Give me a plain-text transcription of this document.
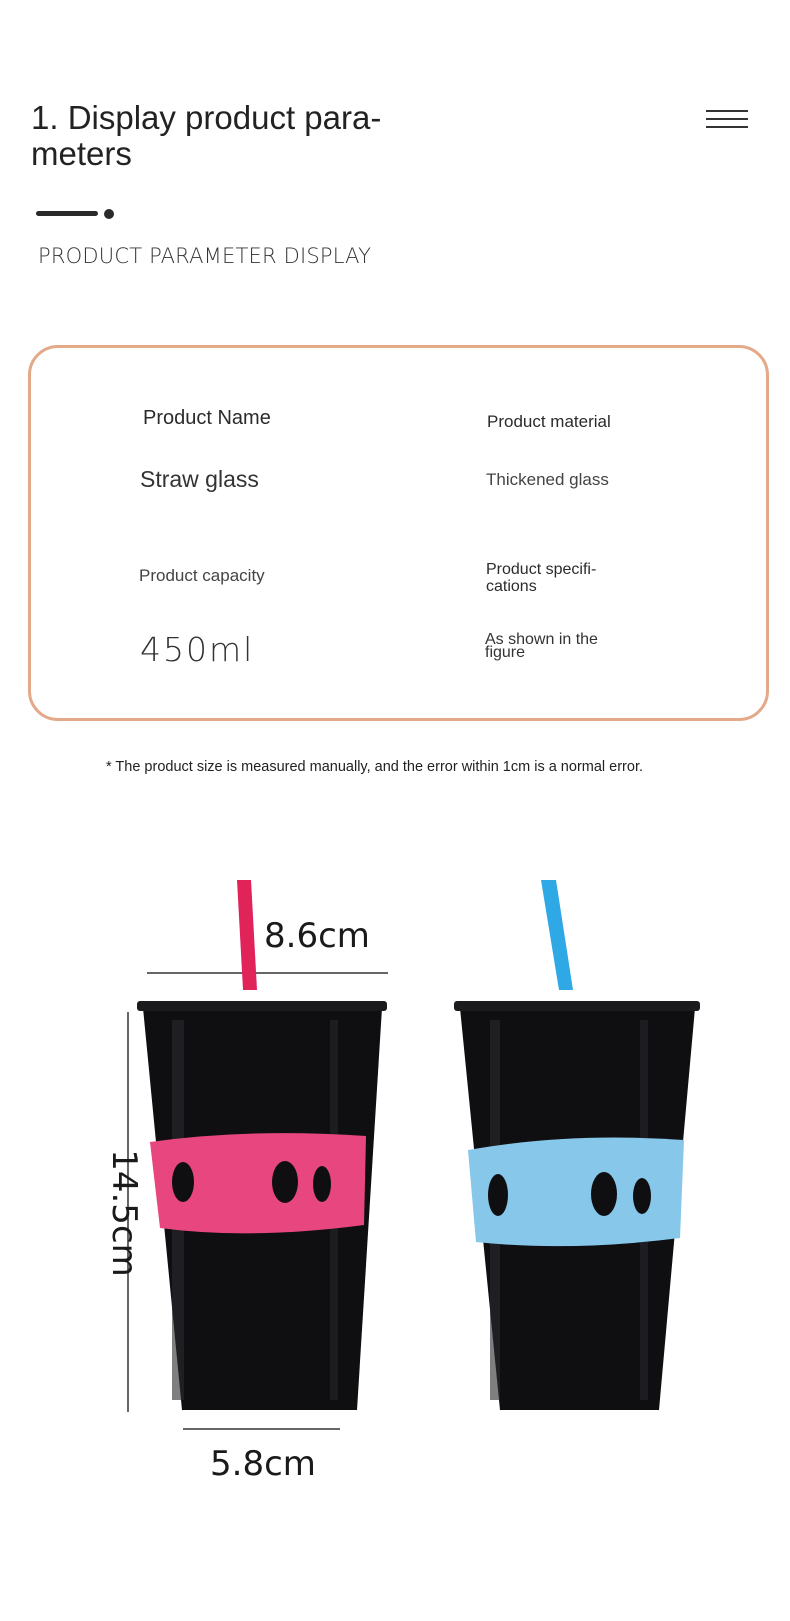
1. Display product para-meters
PRODUCT PARAMETER DISPLAY
Product Name	Product material
Straw glass	Thickened glass
Product capacity	Product specifi-cations
450ml	As shown in the figure
* The product size is measured manually, and the error within 1cm is a normal error.
8.6cm
14.5cm
5.8cm
